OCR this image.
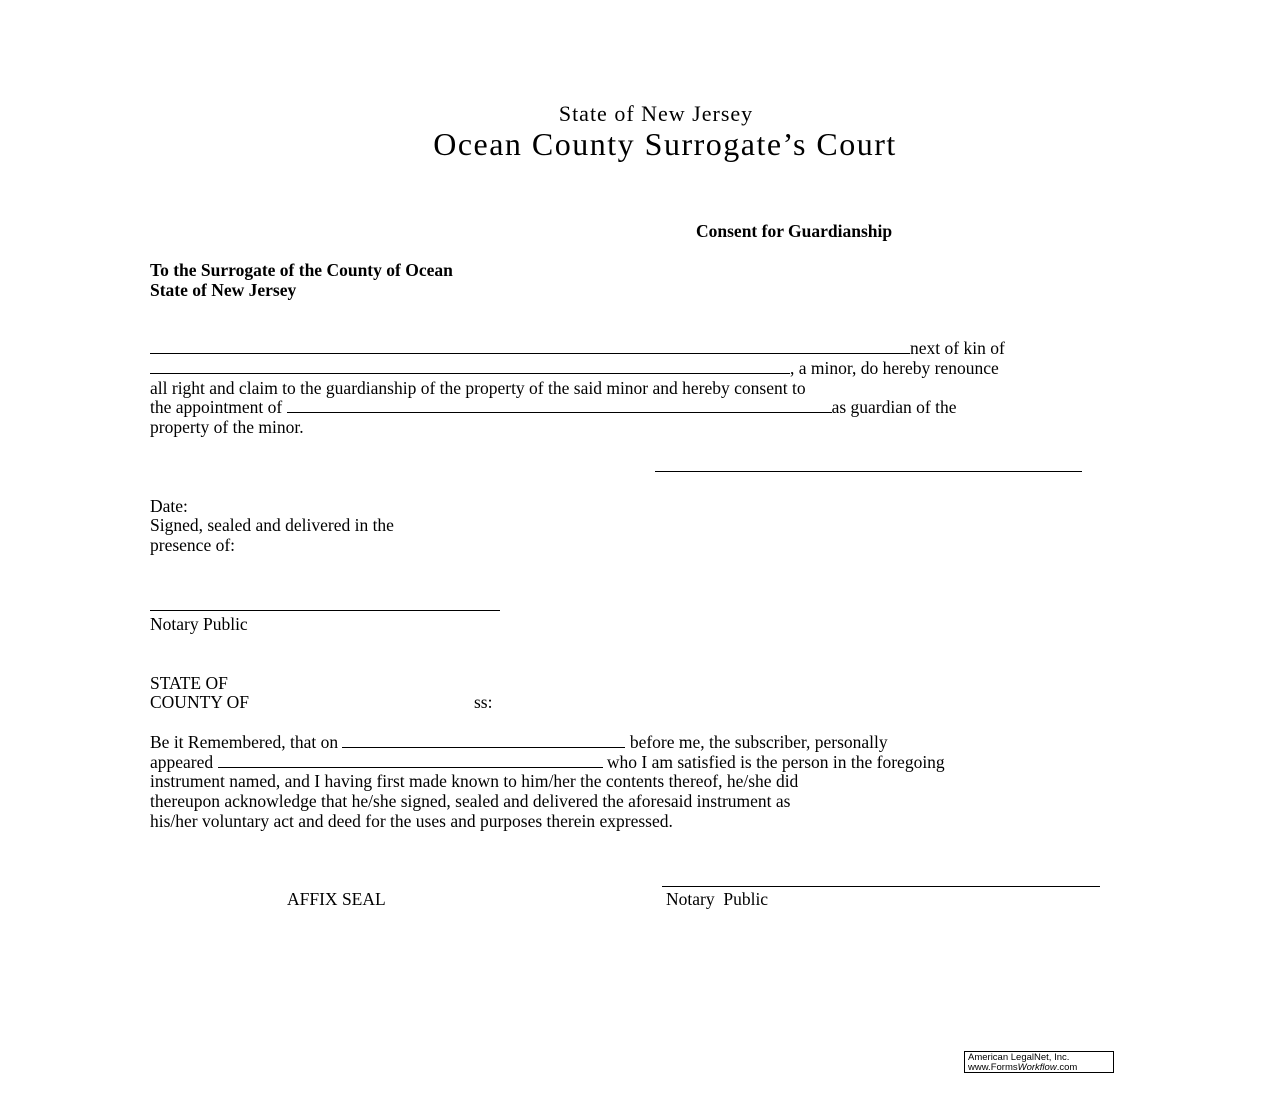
State of New Jersey
Ocean County Surrogate’s Court
Consent for Guardianship
To the Surrogate of the County of Ocean
State of New Jersey
next of kin of
, a minor, do hereby renounce
all right and claim to the guardianship of the property of the said minor and hereby consent to
the appointment of	as guardian of the
property of the minor.
Date:
Signed, sealed and delivered in the
presence of:
Notary Public
STATE OF
COUNTY OF	ss:
Be it Remembered, that on	before me, the subscriber, personally
appeared	who I am satisfied is the person in the foregoing
instrument named, and I having first made known to him/her the contents thereof, he/she did
thereupon acknowledge that he/she signed, sealed and delivered the aforesaid instrument as
his/her voluntary act and deed for the uses and purposes therein expressed.
AFFIX SEAL	Notary  Public
American LegalNet, Inc.
www.FormsWorkflow.com
